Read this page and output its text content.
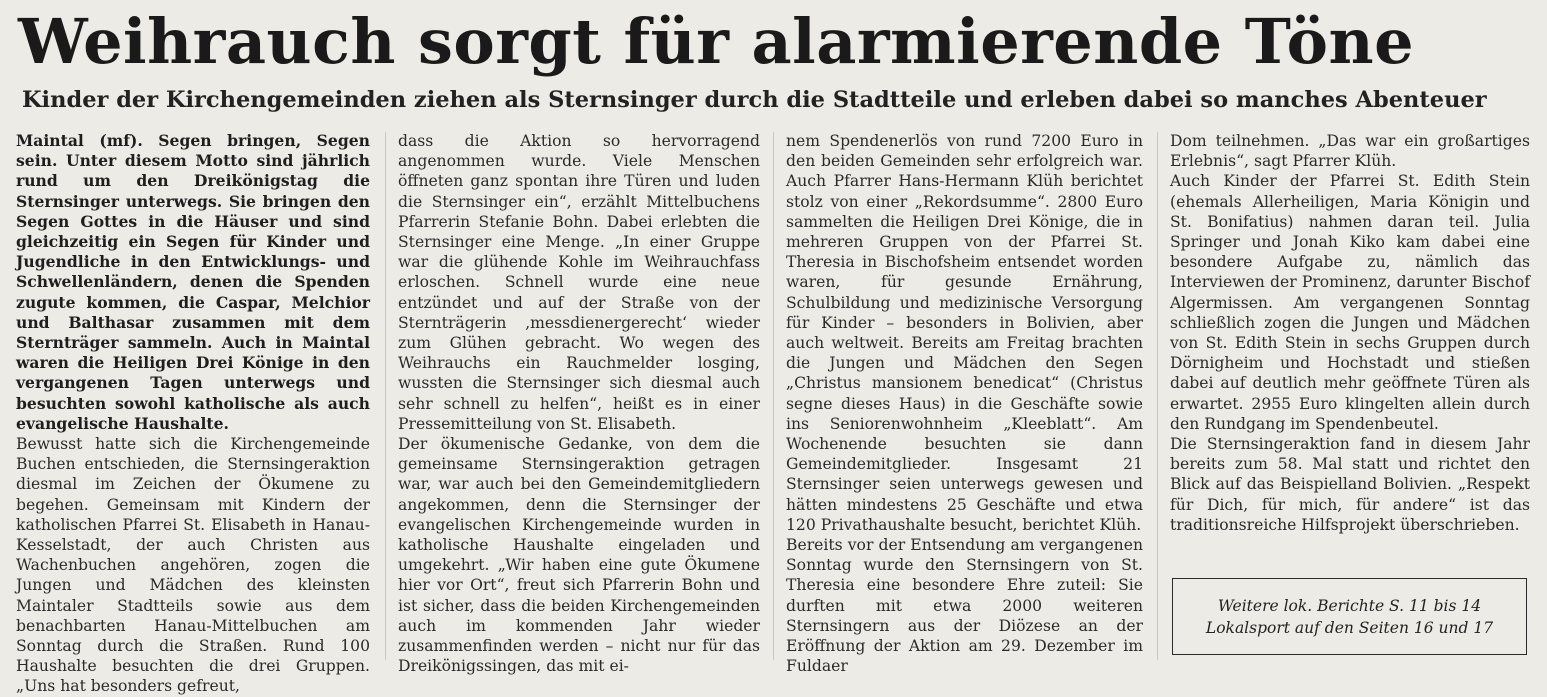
Weihrauch sorgt für alarmierende Töne
Kinder der Kirchengemeinden ziehen als Sternsinger durch die Stadtteile und erleben dabei so manches Abenteuer

Maintal (mf). Segen bringen, Segen sein. Unter diesem Motto sind jährlich rund um den Dreikönigstag die Sternsinger unterwegs. Sie bringen den Segen Gottes in die Häuser und sind gleichzeitig ein Segen für Kinder und Jugendliche in den Entwicklungs- und Schwellenländern, denen die Spenden zugute kommen, die Caspar, Melchior und Balthasar zusammen mit dem Sternträger sammeln. Auch in Maintal waren die Heiligen Drei Könige in den vergangenen Tagen unterwegs und besuchten sowohl katholische als auch evangelische Haushalte.

Bewusst hatte sich die Kirchengemeinde Buchen entschieden, die Sternsingeraktion diesmal im Zeichen der Ökumene zu begehen. Gemeinsam mit Kindern der katholischen Pfarrei St. Elisabeth in Hanau-Kesselstadt, der auch Christen aus Wachenbuchen angehören, zogen die Jungen und Mädchen des kleinsten Maintaler Stadtteils sowie aus dem benachbarten Hanau-Mittelbuchen am Sonntag durch die Straßen. Rund 100 Haushalte besuchten die drei Gruppen. „Uns hat besonders gefreut,

dass die Aktion so hervorragend angenommen wurde. Viele Menschen öffneten ganz spontan ihre Türen und luden die Sternsinger ein“, erzählt Mittelbuchens Pfarrerin Stefanie Bohn. Dabei erlebten die Sternsinger eine Menge. „In einer Gruppe war die glühende Kohle im Weihrauchfass erloschen. Schnell wurde eine neue entzündet und auf der Straße von der Sternträgerin ‚messdienergerecht‘ wieder zum Glühen gebracht. Wo wegen des Weihrauchs ein Rauchmelder losging, wussten die Sternsinger sich diesmal auch sehr schnell zu helfen“, heißt es in einer Pressemitteilung von St. Elisabeth.

Der ökumenische Gedanke, von dem die gemeinsame Sternsingeraktion getragen war, war auch bei den Gemeindemitgliedern angekommen, denn die Sternsinger der evangelischen Kirchengemeinde wurden in katholische Haushalte eingeladen und umgekehrt. „Wir haben eine gute Ökumene hier vor Ort“, freut sich Pfarrerin Bohn und ist sicher, dass die beiden Kirchengemeinden auch im kommenden Jahr wieder zusammenfinden werden – nicht nur für das Dreikönigssingen, das mit ei-

nem Spendenerlös von rund 7200 Euro in den beiden Gemeinden sehr erfolgreich war. Auch Pfarrer Hans-Hermann Klüh berichtet stolz von einer „Rekordsumme“. 2800 Euro sammelten die Heiligen Drei Könige, die in mehreren Gruppen von der Pfarrei St. Theresia in Bischofsheim entsendet worden waren, für gesunde Ernährung, Schulbildung und medizinische Versorgung für Kinder – besonders in Bolivien, aber auch weltweit. Bereits am Freitag brachten die Jungen und Mädchen den Segen „Christus mansionem benedicat“ (Christus segne dieses Haus) in die Geschäfte sowie ins Seniorenwohnheim „Kleeblatt“. Am Wochenende besuchten sie dann Gemeindemitglieder. Insgesamt 21 Sternsinger seien unterwegs gewesen und hätten mindestens 25 Geschäfte und etwa 120 Privathaushalte besucht, berichtet Klüh.

Bereits vor der Entsendung am vergangenen Sonntag wurde den Sternsingern von St. Theresia eine besondere Ehre zuteil: Sie durften mit etwa 2000 weiteren Sternsingern aus der Diözese an der Eröffnung der Aktion am 29. Dezember im Fuldaer

Dom teilnehmen. „Das war ein großartiges Erlebnis“, sagt Pfarrer Klüh.

Auch Kinder der Pfarrei St. Edith Stein (ehemals Allerheiligen, Maria Königin und St. Bonifatius) nahmen daran teil. Julia Springer und Jonah Kiko kam dabei eine besondere Aufgabe zu, nämlich das Interviewen der Prominenz, darunter Bischof Algermissen. Am vergangenen Sonntag schließlich zogen die Jungen und Mädchen von St. Edith Stein in sechs Gruppen durch Dörnigheim und Hochstadt und stießen dabei auf deutlich mehr geöffnete Türen als erwartet. 2955 Euro klingelten allein durch den Rundgang im Spendenbeutel.

Die Sternsingeraktion fand in diesem Jahr bereits zum 58. Mal statt und richtet den Blick auf das Beispielland Bolivien. „Respekt für Dich, für mich, für andere“ ist das traditionsreiche Hilfsprojekt überschrieben.

Weitere lok. Berichte S. 11 bis 14
Lokalsport auf den Seiten 16 und 17
